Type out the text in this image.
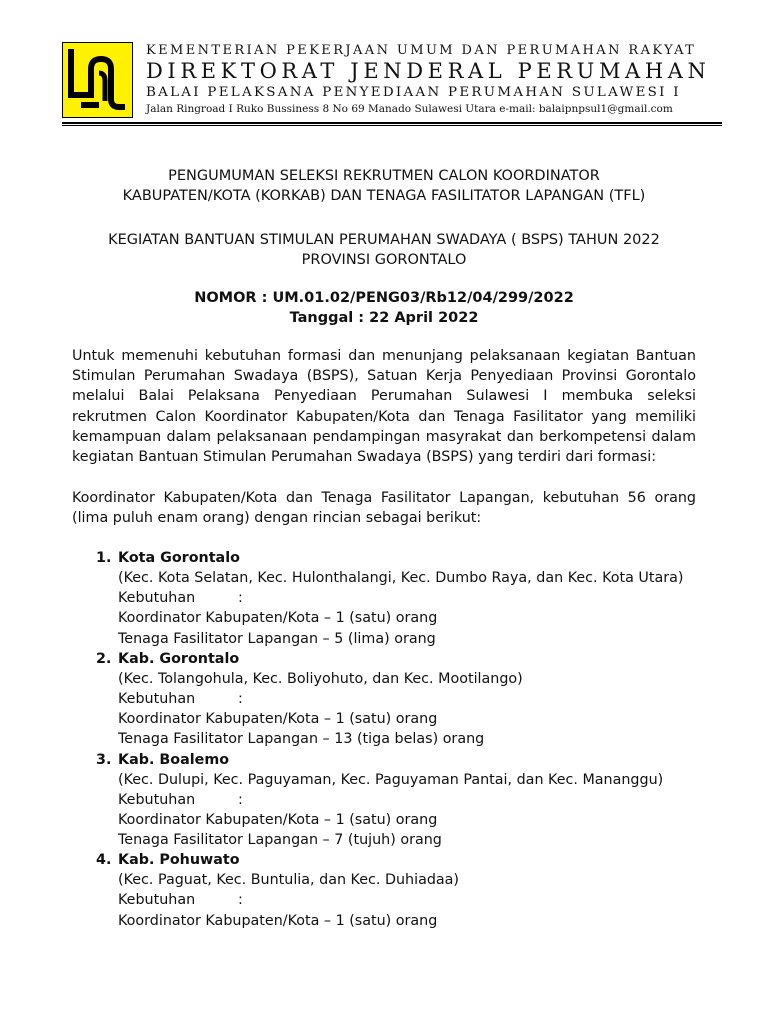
KEMENTERIAN PEKERJAAN UMUM DAN PERUMAHAN RAKYAT
DIREKTORAT JENDERAL PERUMAHAN
BALAI PELAKSANA PENYEDIAAN PERUMAHAN SULAWESI I
Jalan Ringroad I Ruko Bussiness 8 No 69 Manado Sulawesi Utara e-mail: balaipnpsul1@gmail.com
PENGUMUMAN SELEKSI REKRUTMEN CALON KOORDINATOR
KABUPATEN/KOTA (KORKAB) DAN TENAGA FASILITATOR LAPANGAN (TFL)
KEGIATAN BANTUAN STIMULAN PERUMAHAN SWADAYA ( BSPS) TAHUN 2022
PROVINSI GORONTALO
NOMOR : UM.01.02/PENG03/Rb12/04/299/2022
Tanggal : 22 April 2022
Untuk memenuhi kebutuhan formasi dan menunjang pelaksanaan kegiatan Bantuan Stimulan Perumahan Swadaya (BSPS), Satuan Kerja Penyediaan Provinsi Gorontalo melalui Balai Pelaksana Penyediaan Perumahan Sulawesi I membuka seleksi rekrutmen Calon Koordinator Kabupaten/Kota dan Tenaga Fasilitator yang memiliki kemampuan dalam pelaksanaan pendampingan masyrakat dan berkompetensi dalam kegiatan Bantuan Stimulan Perumahan Swadaya (BSPS) yang terdiri dari formasi:
Koordinator Kabupaten/Kota dan Tenaga Fasilitator Lapangan, kebutuhan 56 orang (lima puluh enam orang) dengan rincian sebagai berikut:
1. Kota Gorontalo
(Kec. Kota Selatan, Kec. Hulonthalangi, Kec. Dumbo Raya, dan Kec. Kota Utara)
Kebutuhan	:
Koordinator Kabupaten/Kota – 1 (satu) orang
Tenaga Fasilitator Lapangan – 5 (lima) orang
2. Kab. Gorontalo
(Kec. Tolangohula, Kec. Boliyohuto, dan Kec. Mootilango)
Kebutuhan	:
Koordinator Kabupaten/Kota – 1 (satu) orang
Tenaga Fasilitator Lapangan – 13 (tiga belas) orang
3. Kab. Boalemo
(Kec. Dulupi, Kec. Paguyaman, Kec. Paguyaman Pantai, dan Kec. Mananggu)
Kebutuhan	:
Koordinator Kabupaten/Kota – 1 (satu) orang
Tenaga Fasilitator Lapangan – 7 (tujuh) orang
4. Kab. Pohuwato
(Kec. Paguat, Kec. Buntulia, dan Kec. Duhiadaa)
Kebutuhan	:
Koordinator Kabupaten/Kota – 1 (satu) orang
